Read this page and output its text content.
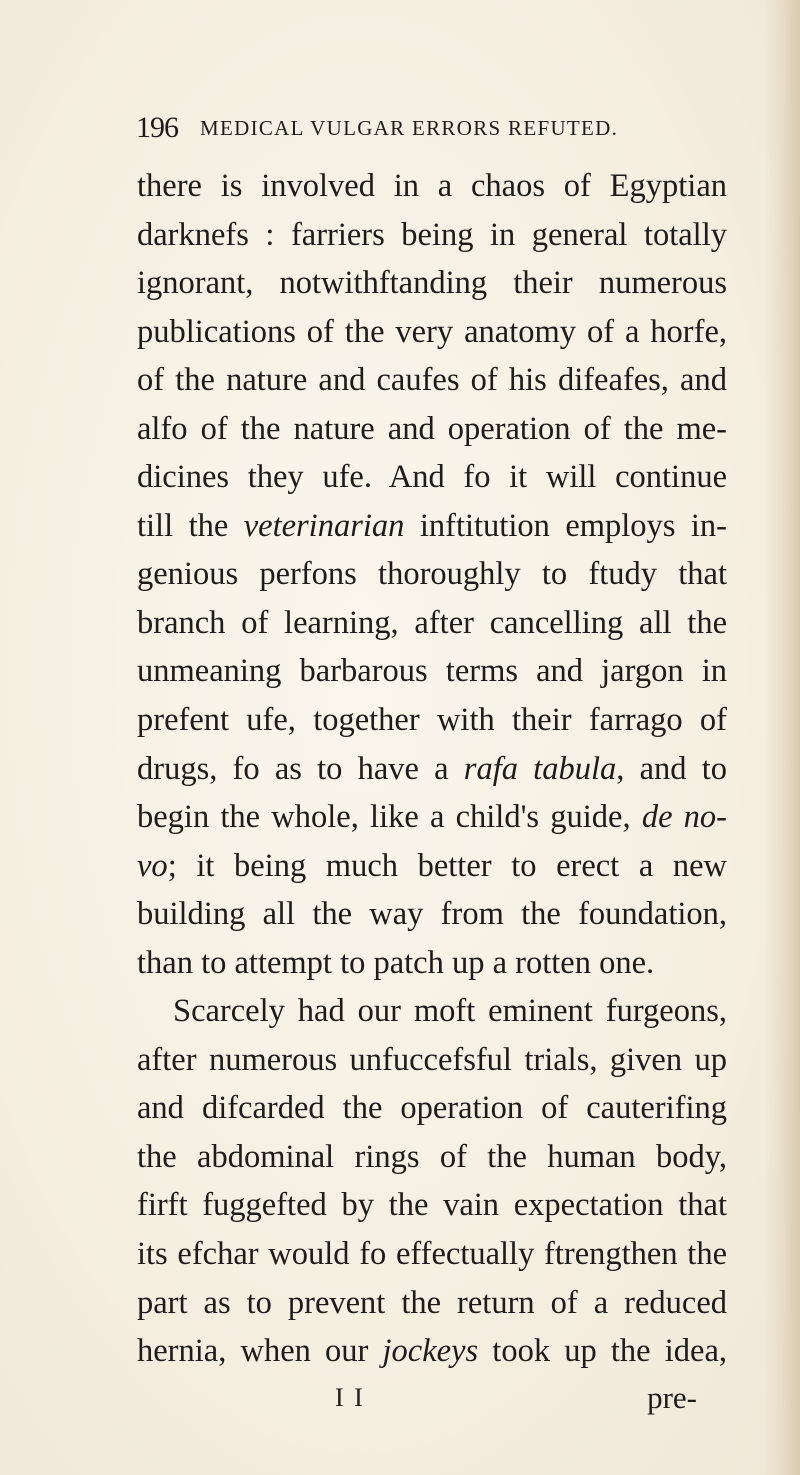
196 MEDICAL VULGAR ERRORS REFUTED.
there is involved in a chaos of Egyptian
darknefs : farriers being in general totally
ignorant, notwithftanding their numerous
publications of the very anatomy of a horfe,
of the nature and caufes of his difeafes, and
alfo of the nature and operation of the me-
dicines they ufe. And fo it will continue
till the veterinarian inftitution employs in-
genious perfons thoroughly to ftudy that
branch of learning, after cancelling all the
unmeaning barbarous terms and jargon in
prefent ufe, together with their farrago of
drugs, fo as to have a rafa tabula, and to
begin the whole, like a child's guide, de no-
vo; it being much better to erect a new
building all the way from the foundation,
than to attempt to patch up a rotten one.
Scarcely had our moft eminent furgeons,
after numerous unfuccefsful trials, given up
and difcarded the operation of cauterifing
the abdominal rings of the human body,
firft fuggefted by the vain expectation that
its efchar would fo effectually ftrengthen the
part as to prevent the return of a reduced
hernia, when our jockeys took up the idea,
I I	pre-
